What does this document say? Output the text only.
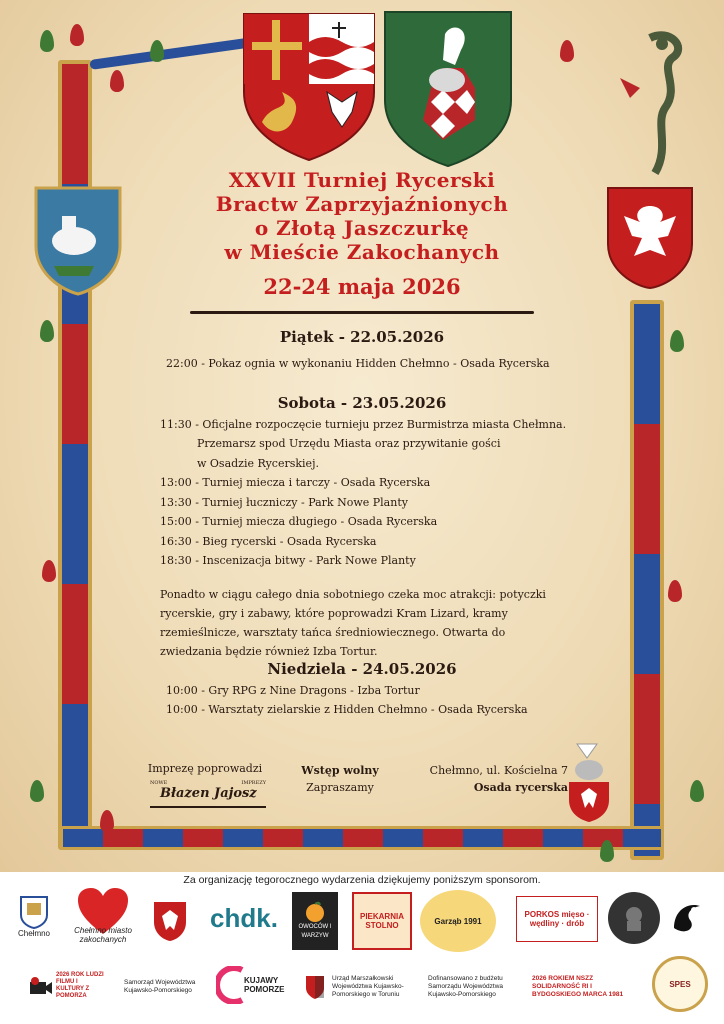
XXVII Turniej Rycerski
Bractw Zaprzyjaźnionych
o Złotą Jaszczurkę
w Mieście Zakochanych
22-24 maja 2026
Piątek - 22.05.2026
22:00 - Pokaz ognia w wykonaniu Hidden Chełmno - Osada Rycerska
Sobota - 23.05.2026
11:30 - Oficjalne rozpoczęcie turnieju przez Burmistrza miasta Chełmna.
Przemarsz spod Urzędu Miasta oraz przywitanie gości
w Osadzie Rycerskiej.
13:00 - Turniej miecza i tarczy - Osada Rycerska
13:30 - Turniej łuczniczy - Park Nowe Planty
15:00 - Turniej miecza długiego - Osada Rycerska
16:30 - Bieg rycerski - Osada Rycerska
18:30 - Inscenizacja bitwy - Park Nowe Planty
Ponadto w ciągu całego dnia sobotniego czeka moc atrakcji: potyczki rycerskie, gry i zabawy, które poprowadzi Kram Lizard, kramy rzemieślnicze, warsztaty tańca średniowiecznego. Otwarta do zwiedzania będzie również Izba Tortur.
Niedziela - 24.05.2026
10:00 - Gry RPG z Nine Dragons - Izba Tortur
10:00 - Warsztaty zielarskie z Hidden Chełmno - Osada Rycerska
Imprezę poprowadzi
NOWE	IMPREZY
Błazen Jajosz
Wstęp wolny
Zapraszamy
Chełmno, ul. Kościelna 7
Osada rycerska
Za organizację tegorocznego wydarzenia dziękujemy poniższym sponsorom.
Chełmno	Chełmno miasto zakochanych
chdk.	OWOCÓW I WARZYW
PIEKARNIA STOLNO	Garząb 1991
PORKOS mięso · wędliny · drób
2026 ROK LUDZI FILMU I KULTURY Z POMORZA
Samorząd Województwa Kujawsko-Pomorskiego
KUJAWY POMORZE
Urząd Marszałkowski Województwa Kujawsko-Pomorskiego w Toruniu
Dofinansowano z budżetu Samorządu Województwa Kujawsko-Pomorskiego
2026 ROKIEM NSZZ SOLIDARNOŚĆ RI I BYDGOSKIEGO MARCA 1981
SPES
